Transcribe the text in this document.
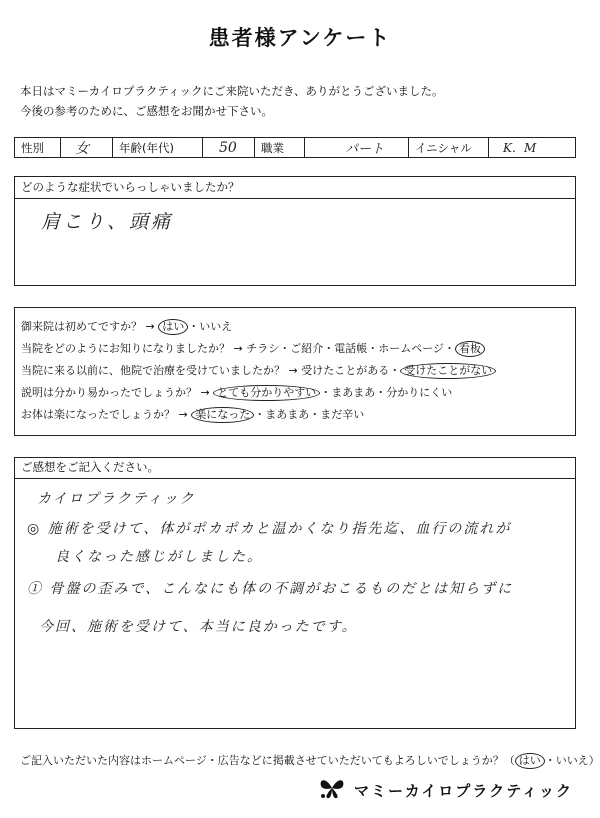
患者様アンケート
本日はマミーカイロプラクティックにご来院いただき、ありがとうございました。
今後の参考のために、ご感想をお聞かせ下さい。
性別	女	年齢(年代)	50	職業	パート	イニシャル	K．M
どのような症状でいらっしゃいましたか？
肩こり、頭痛
御来院は初めてですか？ → はい ・いいえ
当院をどのようにお知りになりましたか？ → チラシ・ご紹介・電話帳・ホームページ・ 看板
当院に来る以前に、他院で治療を受けていましたか？ → 受けたことがある・ 受けたことがない
説明は分かり易かったでしょうか？ → とても分かりやすい ・まあまあ・分かりにくい
お体は楽になったでしょうか？ → 楽になった ・まあまあ・まだ辛い
ご感想をご記入ください。
カイロプラクティック
◎ 施術を受けて、体がポカポカと温かくなり指先迄、血行の流れが
良くなった感じがしました。
① 骨盤の歪みで、こんなにも体の不調がおこるものだとは知らずに
今回、施術を受けて、本当に良かったです。
ご記入いただいた内容はホームページ・広告などに掲載させていただいてもよろしいでしょうか？（ はい ・いいえ）
マミーカイロプラクティック
